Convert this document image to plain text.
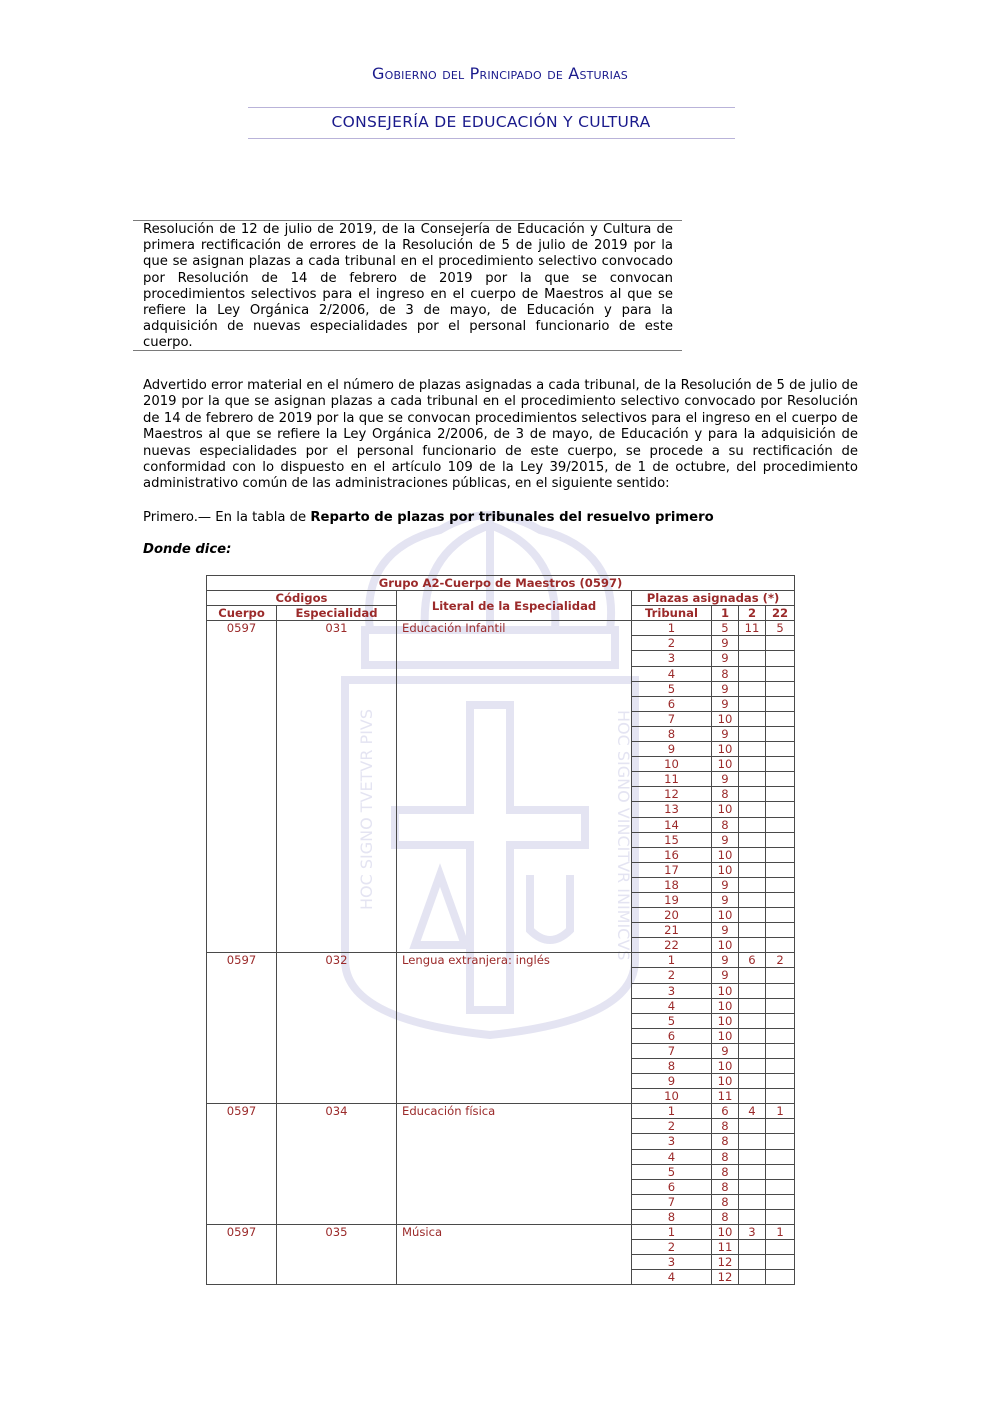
HOC SIGNO TVETVR PIVS	HOC SIGNO VINCITVR INIMICVS
Gobierno del Principado de Asturias
CONSEJERÍA DE EDUCACIÓN Y CULTURA

Resolución de 12 de julio de 2019, de la Consejería de Educación y Cultura de primera rectificación de errores de la Resolución de 5 de julio de 2019 por la que se asignan plazas a cada tribunal en el procedimiento selectivo convocado por Resolución de 14 de febrero de 2019 por la que se convocan procedimientos selectivos para el ingreso en el cuerpo de Maestros al que se refiere la Ley Orgánica 2/2006, de 3 de mayo, de Educación y para la adquisición de nuevas especialidades por el personal funcionario de este cuerpo.

Advertido error material en el número de plazas asignadas a cada tribunal, de la Resolución de 5 de julio de 2019 por la que se asignan plazas a cada tribunal en el procedimiento selectivo convocado por Resolución de 14 de febrero de 2019 por la que se convocan procedimientos selectivos para el ingreso en el cuerpo de Maestros al que se refiere la Ley Orgánica 2/2006, de 3 de mayo, de Educación y para la adquisición de nuevas especialidades por el personal funcionario de este cuerpo, se procede a su rectificación de conformidad con lo dispuesto en el artículo 109 de la Ley 39/2015, de 1 de octubre, del procedimiento administrativo común de las administraciones públicas, en el siguiente sentido:

Primero.— En la tabla de Reparto de plazas por tribunales del resuelvo primero

Donde dice:

Grupo A2-Cuerpo de Maestros (0597)						
Códigos		Literal de la Especialidad	Plazas asignadas (*)			
Cuerpo	Especialidad		Tribunal	1	2	22
0597	031	Educación Infantil	1	5	11	5
			2	9		
			3	9		
			4	8		
			5	9		
			6	9		
			7	10		
			8	9		
			9	10		
			10	10		
			11	9		
			12	8		
			13	10		
			14	8		
			15	9		
			16	10		
			17	10		
			18	9		
			19	9		
			20	10		
			21	9		
			22	10		
0597	032	Lengua extranjera: inglés	1	9	6	2
			2	9		
			3	10		
			4	10		
			5	10		
			6	10		
			7	9		
			8	10		
			9	10		
			10	11		
0597	034	Educación física	1	6	4	1
			2	8		
			3	8		
			4	8		
			5	8		
			6	8		
			7	8		
			8	8		
0597	035	Música	1	10	3	1
			2	11		
			3	12		
			4	12		
